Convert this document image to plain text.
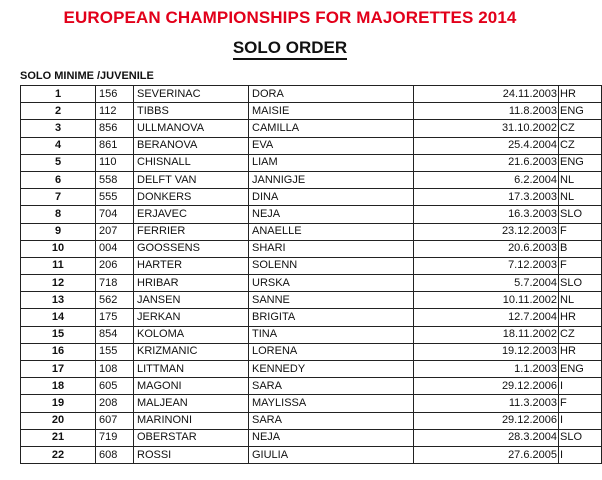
EUROPEAN CHAMPIONSHIPS FOR MAJORETTES 2014
SOLO ORDER
SOLO MINIME /JUVENILE
1	156	SEVERINAC	DORA	24.11.2003	HR
2	112	TIBBS	MAISIE	11.8.2003	ENG
3	856	ULLMANOVA	CAMILLA	31.10.2002	CZ
4	861	BERANOVA	EVA	25.4.2004	CZ
5	110	CHISNALL	LIAM	21.6.2003	ENG
6	558	DELFT VAN	JANNIGJE	6.2.2004	NL
7	555	DONKERS	DINA	17.3.2003	NL
8	704	ERJAVEC	NEJA	16.3.2003	SLO
9	207	FERRIER	ANAELLE	23.12.2003	F
10	004	GOOSSENS	SHARI	20.6.2003	B
11	206	HARTER	SOLENN	7.12.2003	F
12	718	HRIBAR	URSKA	5.7.2004	SLO
13	562	JANSEN	SANNE	10.11.2002	NL
14	175	JERKAN	BRIGITA	12.7.2004	HR
15	854	KOLOMA	TINA	18.11.2002	CZ
16	155	KRIZMANIC	LORENA	19.12.2003	HR
17	108	LITTMAN	KENNEDY	1.1.2003	ENG
18	605	MAGONI	SARA	29.12.2006	I
19	208	MALJEAN	MAYLISSA	11.3.2003	F
20	607	MARINONI	SARA	29.12.2006	I
21	719	OBERSTAR	NEJA	28.3.2004	SLO
22	608	ROSSI	GIULIA	27.6.2005	I
